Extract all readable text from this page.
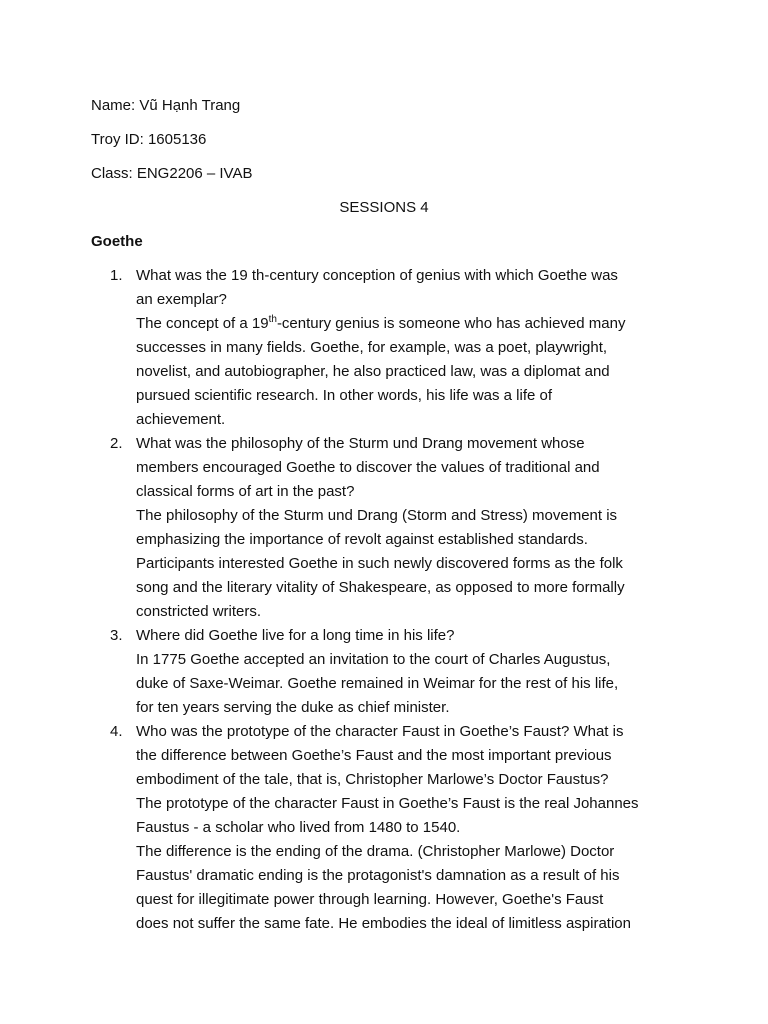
Name: Vũ Hạnh Trang
Troy ID: 1605136
Class: ENG2206 – IVAB
SESSIONS 4
Goethe
1. What was the 19 th-century conception of genius with which Goethe was
an exemplar?
The concept of a 19th-century genius is someone who has achieved many
successes in many fields. Goethe, for example, was a poet, playwright,
novelist, and autobiographer, he also practiced law, was a diplomat and
pursued scientific research. In other words, his life was a life of
achievement.
2. What was the philosophy of the Sturm und Drang movement whose
members encouraged Goethe to discover the values of traditional and
classical forms of art in the past?
The philosophy of the Sturm und Drang (Storm and Stress) movement is
emphasizing the importance of revolt against established standards.
Participants interested Goethe in such newly discovered forms as the folk
song and the literary vitality of Shakespeare, as opposed to more formally
constricted writers.
3. Where did Goethe live for a long time in his life?
In 1775 Goethe accepted an invitation to the court of Charles Augustus,
duke of Saxe-Weimar. Goethe remained in Weimar for the rest of his life,
for ten years serving the duke as chief minister.
4. Who was the prototype of the character Faust in Goethe’s Faust? What is
the difference between Goethe’s Faust and the most important previous
embodiment of the tale, that is, Christopher Marlowe’s Doctor Faustus?
The prototype of the character Faust in Goethe’s Faust is the real Johannes
Faustus - a scholar who lived from 1480 to 1540.
The difference is the ending of the drama. (Christopher Marlowe) Doctor
Faustus' dramatic ending is the protagonist's damnation as a result of his
quest for illegitimate power through learning. However, Goethe's Faust
does not suffer the same fate. He embodies the ideal of limitless aspiration
